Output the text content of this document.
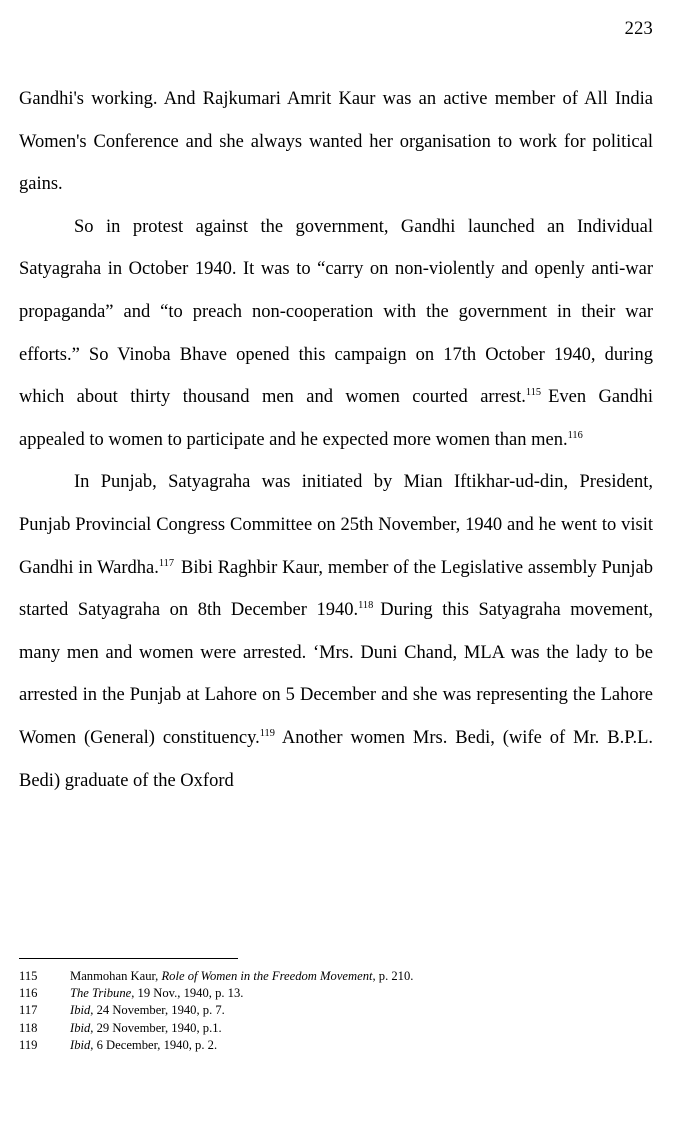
223

Gandhi's working. And Rajkumari Amrit Kaur was an active member of All India Women's Conference and she always wanted her organisation to work for political gains.

So in protest against the government, Gandhi launched an Individual Satyagraha in October 1940. It was to “carry on non-violently and openly anti-war propaganda” and “to preach non-cooperation with the government in their war efforts.” So Vinoba Bhave opened this campaign on 17th October 1940, during which about thirty thousand men and women courted arrest.$^{115}$ Even Gandhi appealed to women to participate and he expected more women than men.$^{116}$

In Punjab, Satyagraha was initiated by Mian Iftikhar-ud-din, President, Punjab Provincial Congress Committee on 25th November, 1940 and he went to visit Gandhi in Wardha.$^{117}$ Bibi Raghbir Kaur, member of the Legislative assembly Punjab started Satyagraha on 8th December 1940.$^{118}$ During this Satyagraha movement, many men and women were arrested. ‘Mrs. Duni Chand, MLA was the lady to be arrested in the Punjab at Lahore on 5 December and she was representing the Lahore Women (General) constituency.$^{119}$ Another women Mrs. Bedi, (wife of Mr. B.P.L. Bedi) graduate of the Oxford

115	Manmohan Kaur, Role of Women in the Freedom Movement, p. 210.
116	The Tribune, 19 Nov., 1940, p. 13.
117	Ibid, 24 November, 1940, p. 7.
118	Ibid, 29 November, 1940, p.1.
119	Ibid, 6 December, 1940, p. 2.
